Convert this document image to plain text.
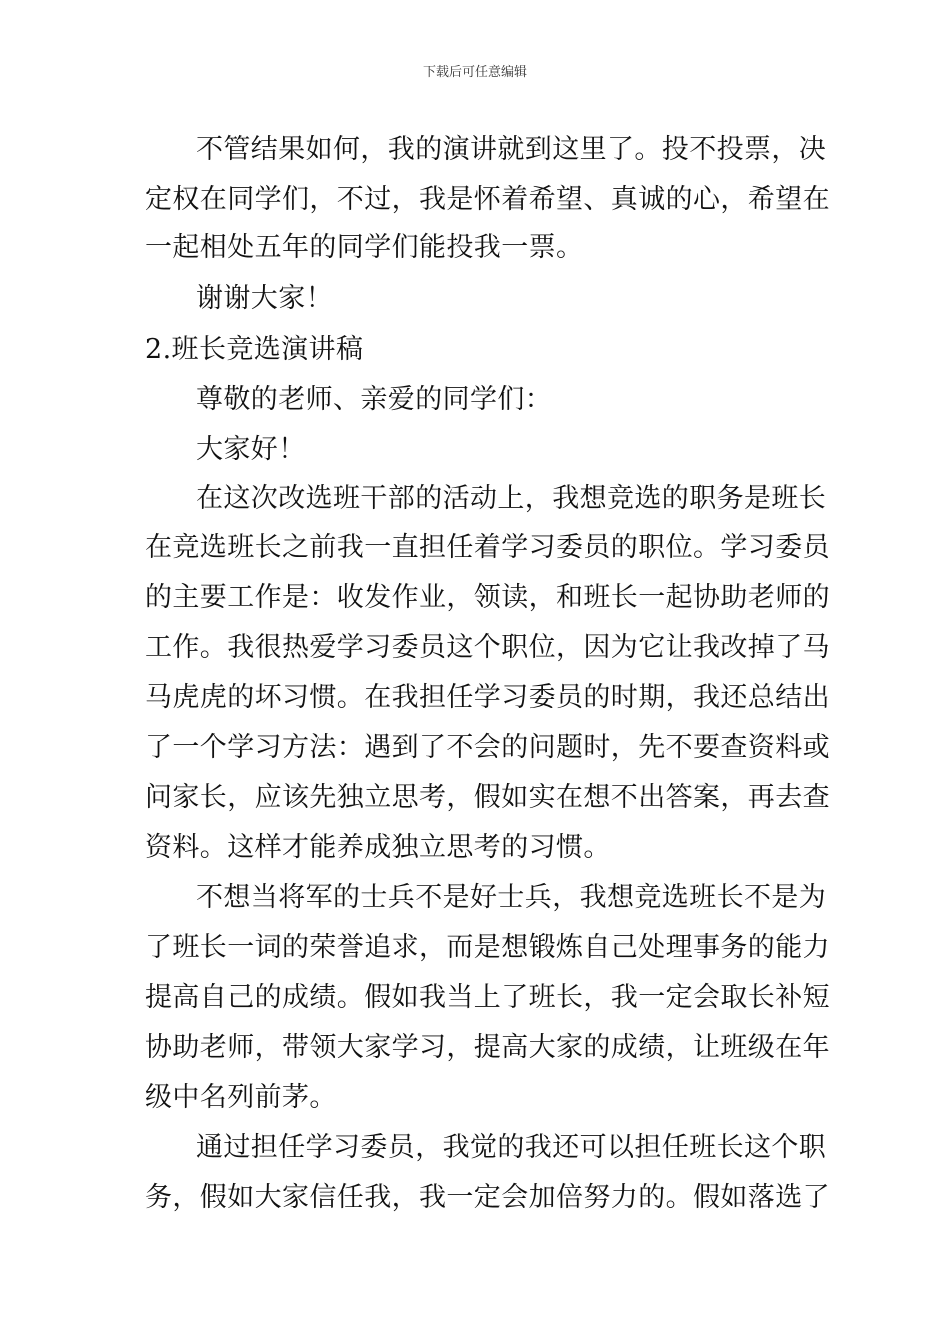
下载后可任意编辑
不管结果如何，我的演讲就到这里了。投不投票，决
定权在同学们，不过，我是怀着希望、真诚的心，希望在
一起相处五年的同学们能投我一票。
谢谢大家！
2.班长竞选演讲稿
尊敬的老师、亲爱的同学们：
大家好！
在这次改选班干部的活动上，我想竞选的职务是班长
在竞选班长之前我一直担任着学习委员的职位。学习委员
的主要工作是：收发作业，领读，和班长一起协助老师的
工作。我很热爱学习委员这个职位，因为它让我改掉了马
马虎虎的坏习惯。在我担任学习委员的时期，我还总结出
了一个学习方法：遇到了不会的问题时，先不要查资料或
问家长，应该先独立思考，假如实在想不出答案，再去查
资料。这样才能养成独立思考的习惯。
不想当将军的士兵不是好士兵，我想竞选班长不是为
了班长一词的荣誉追求，而是想锻炼自己处理事务的能力
提高自己的成绩。假如我当上了班长，我一定会取长补短
协助老师，带领大家学习，提高大家的成绩，让班级在年
级中名列前茅。
通过担任学习委员，我觉的我还可以担任班长这个职
务，假如大家信任我，我一定会加倍努力的。假如落选了
